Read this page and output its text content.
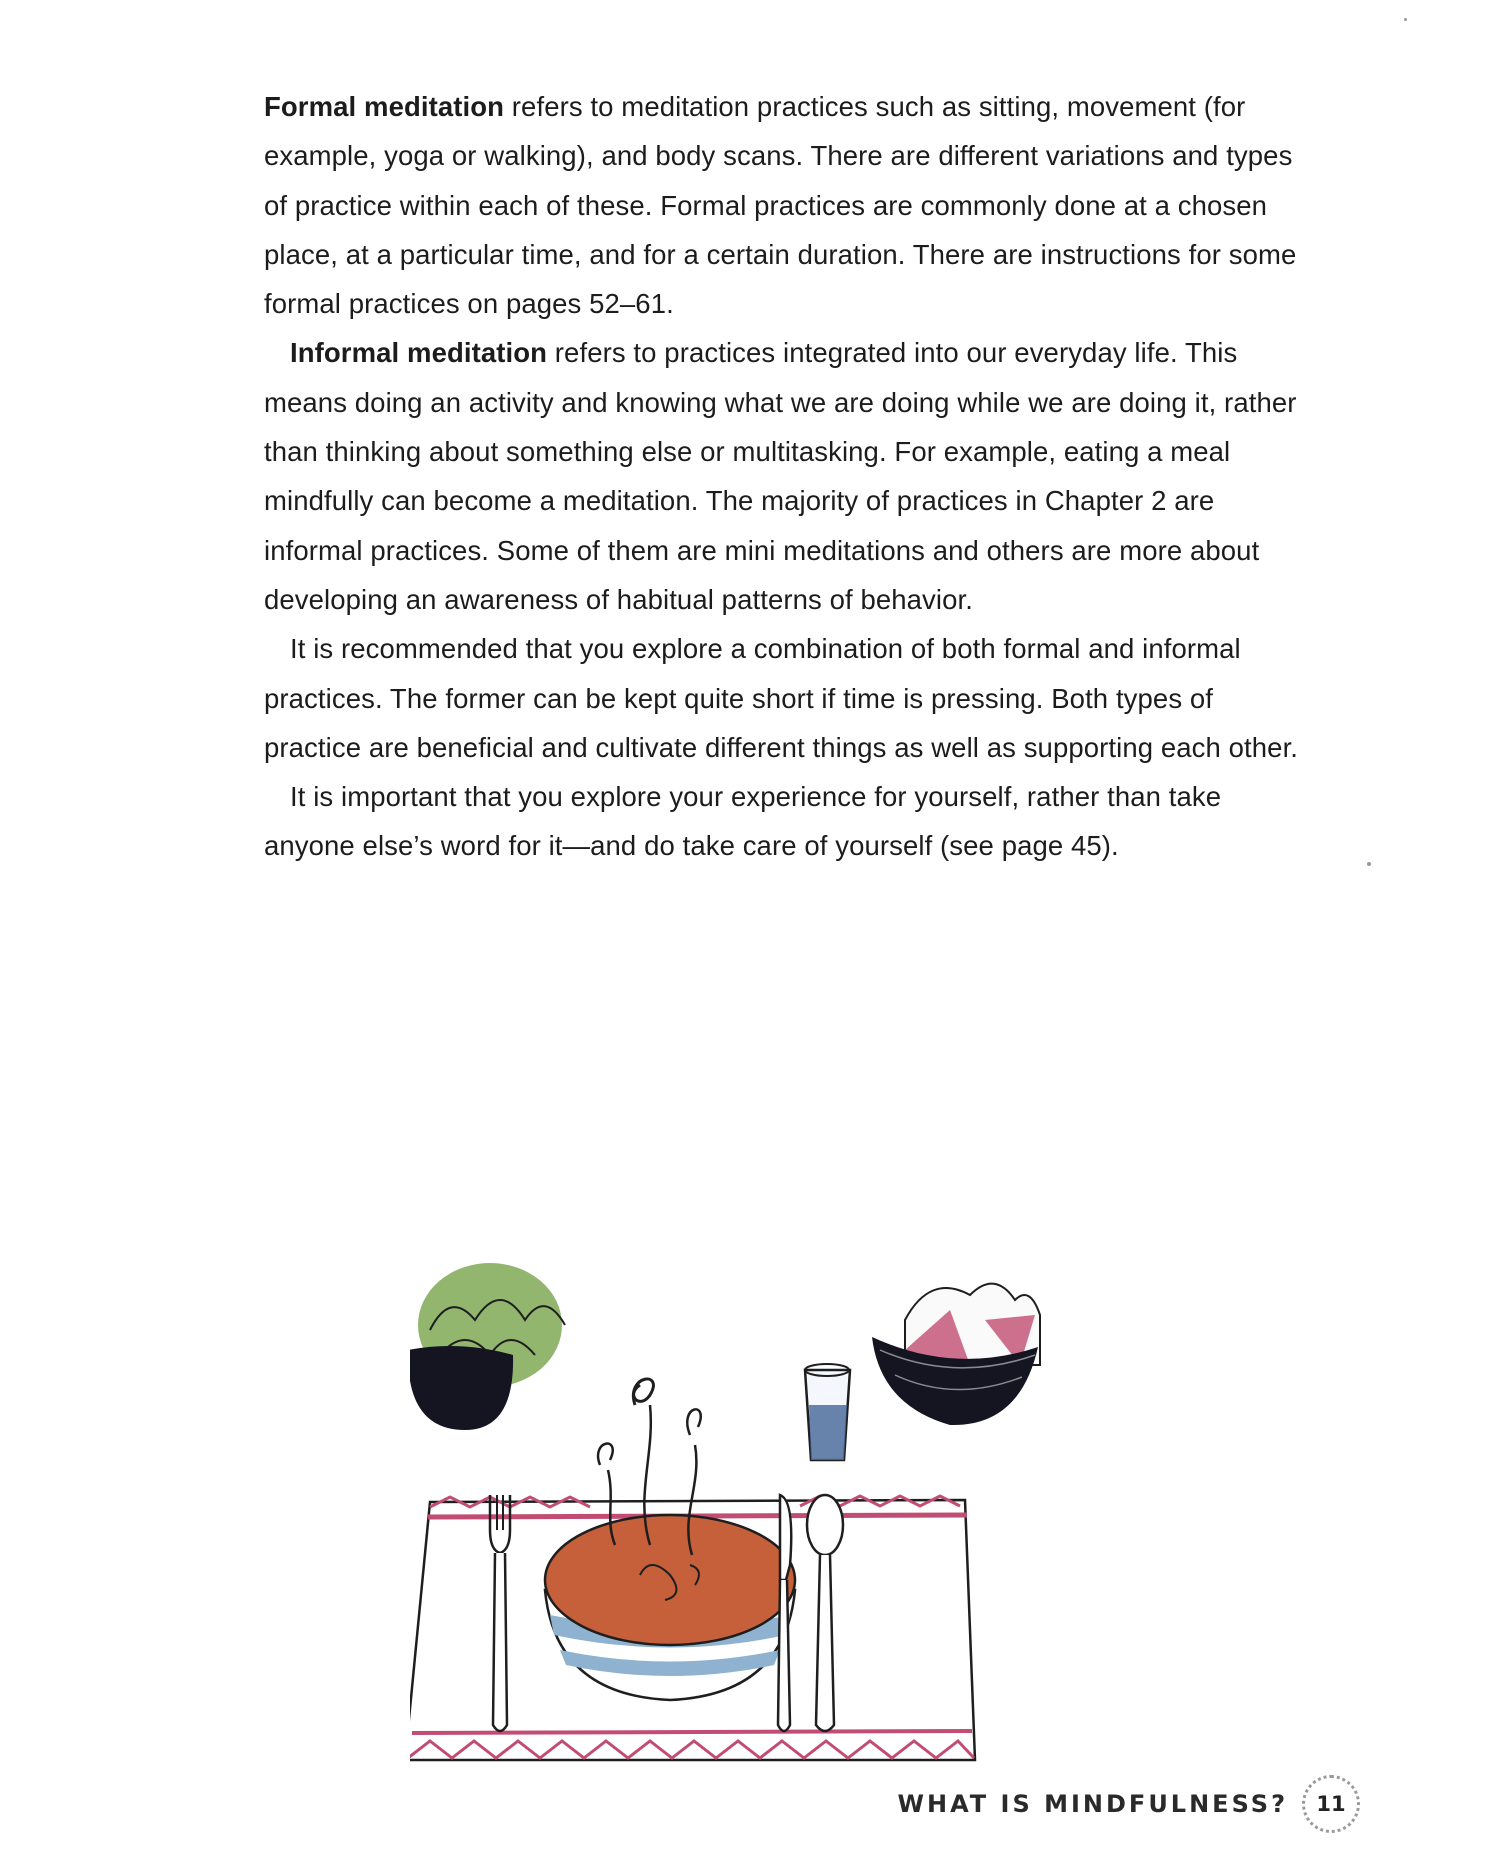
Formal meditation refers to meditation practices such as sitting, movement (for example, yoga or walking), and body scans. There are different variations and types of practice within each of these. Formal practices are commonly done at a chosen place, at a particular time, and for a certain duration. There are instructions for some formal practices on pages 52–61.

Informal meditation refers to practices integrated into our everyday life. This means doing an activity and knowing what we are doing while we are doing it, rather than thinking about something else or multitasking. For example, eating a meal mindfully can become a meditation. The majority of practices in Chapter 2 are informal practices. Some of them are mini meditations and others are more about developing an awareness of habitual patterns of behavior.

It is recommended that you explore a combination of both formal and informal practices. The former can be kept quite short if time is pressing. Both types of practice are beneficial and cultivate different things as well as supporting each other.

It is important that you explore your experience for yourself, rather than take anyone else’s word for it—and do take care of yourself (see page 45).

WHAT IS MINDFULNESS?	11
